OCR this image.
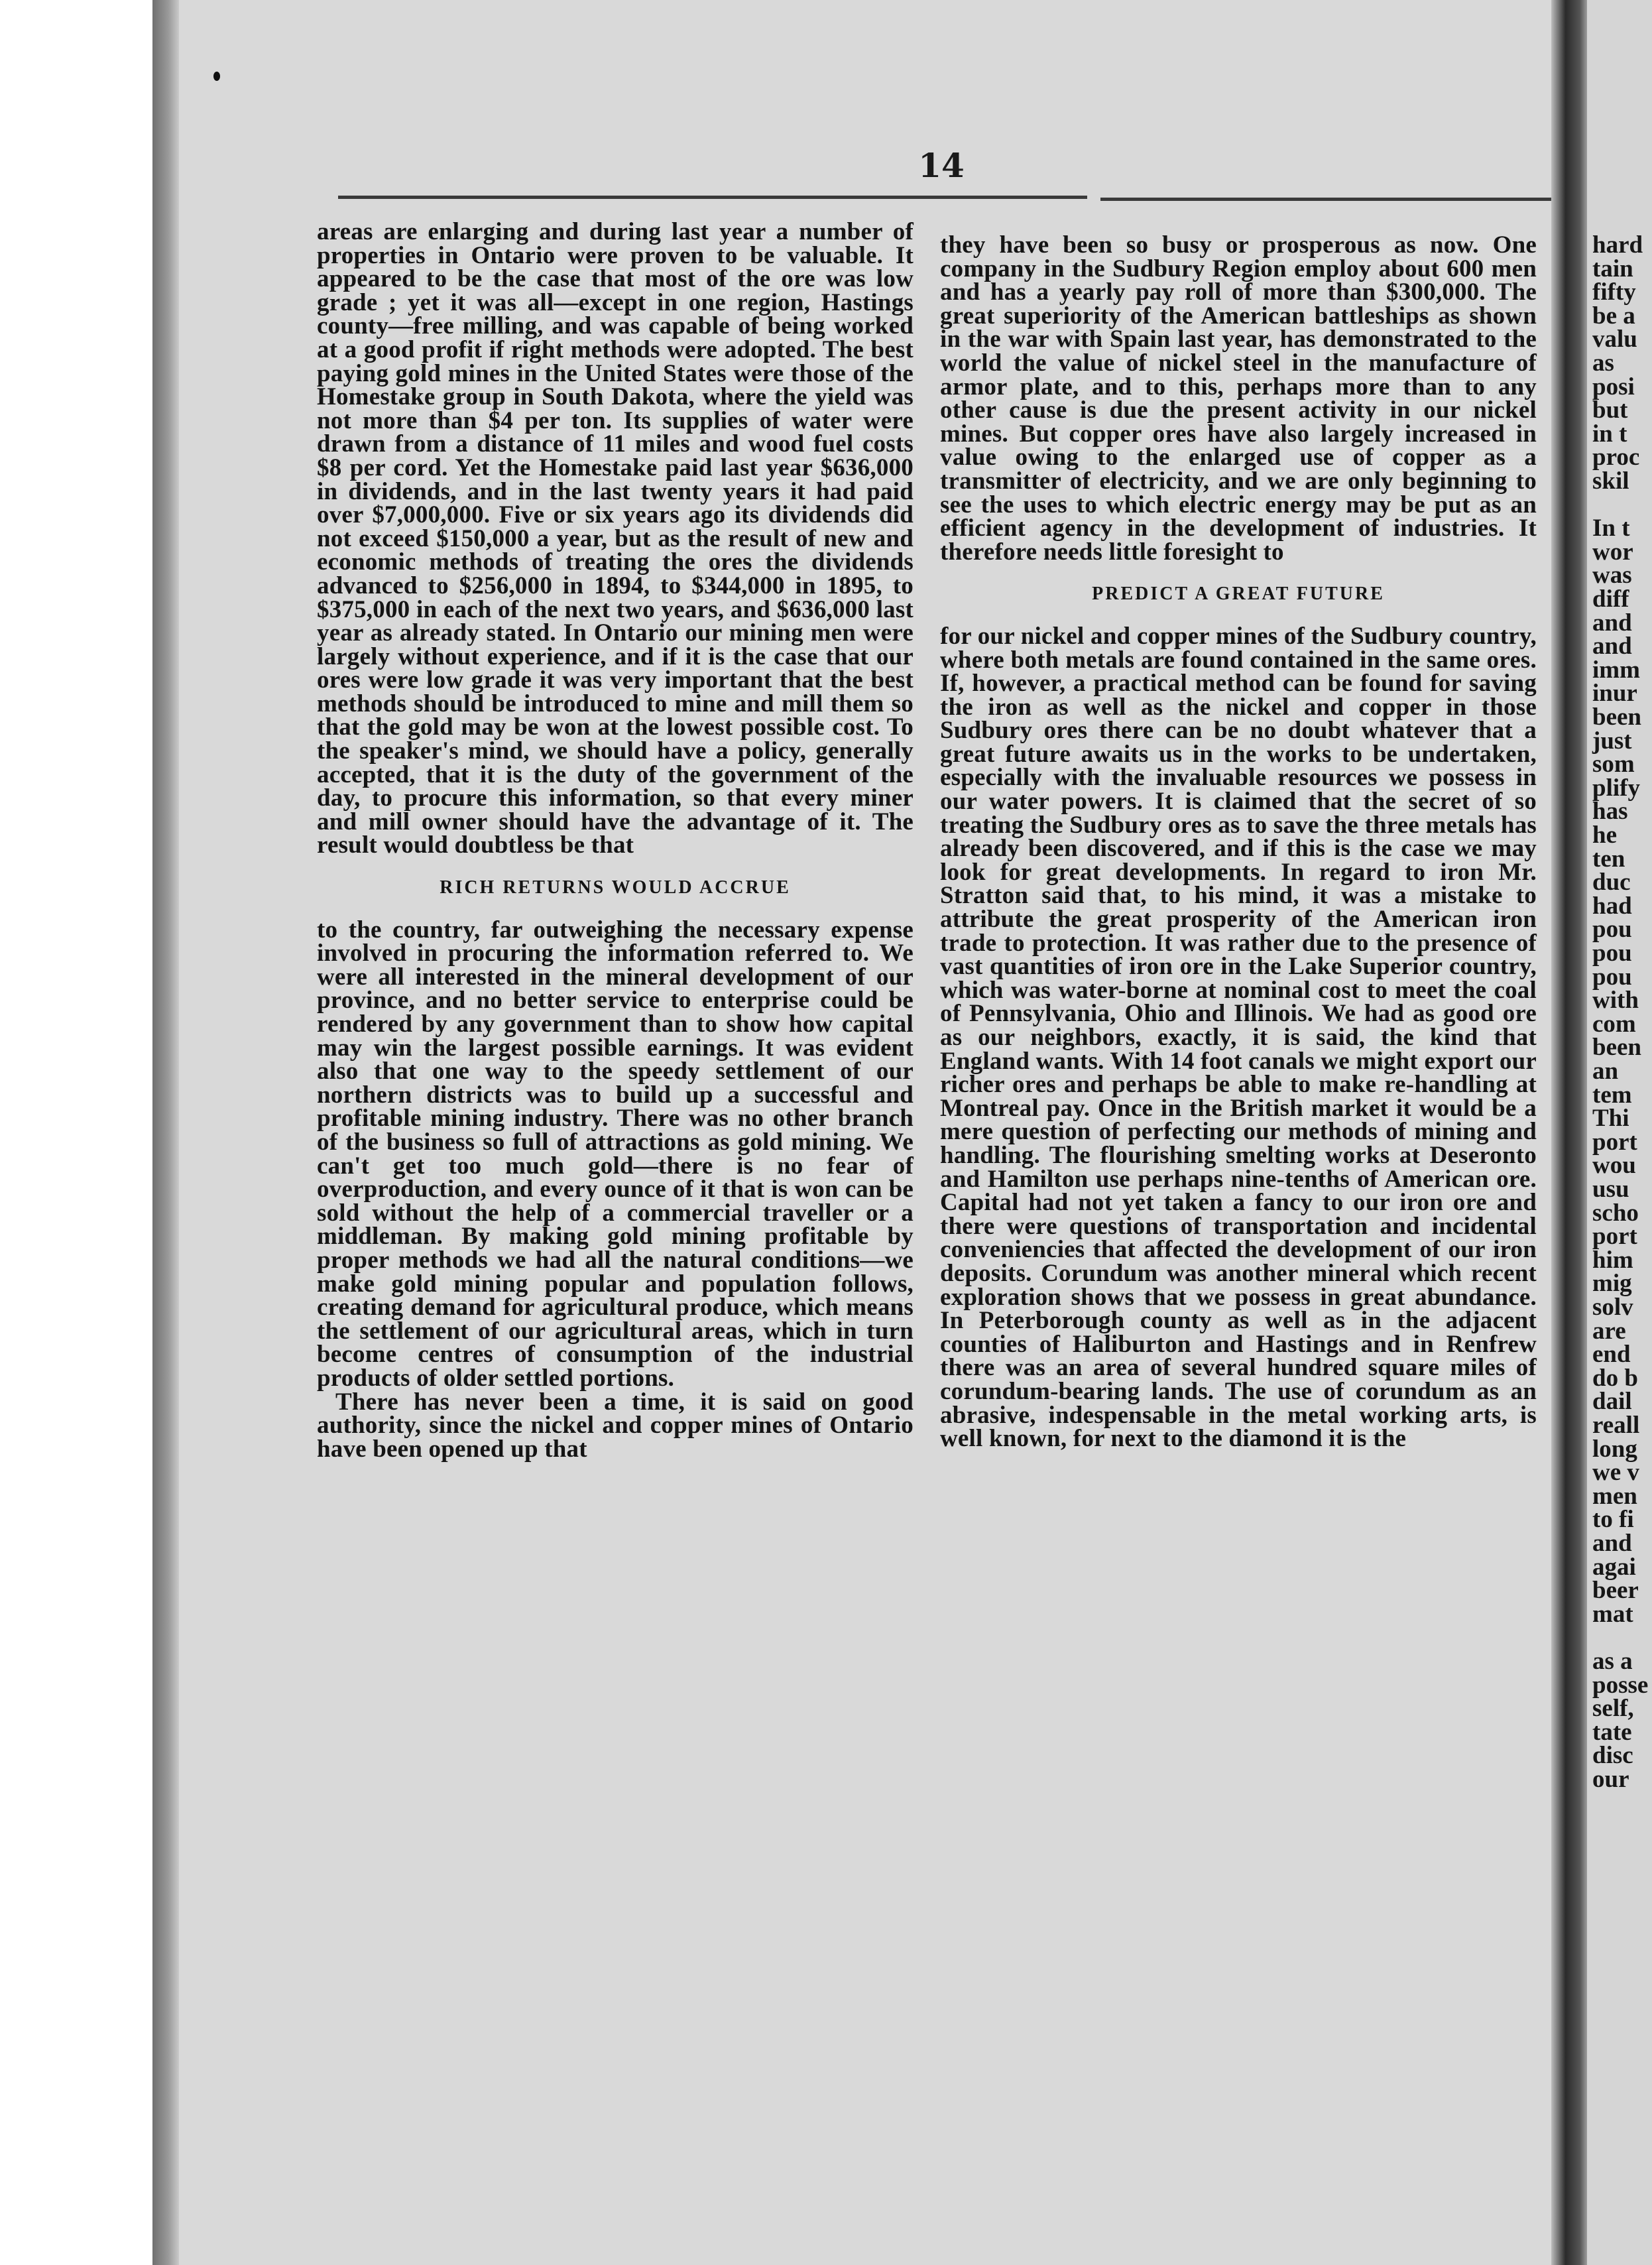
14

areas are enlarging and during last year a number of properties in Ontario were proven to be valuable. It appeared to be the case that most of the ore was low grade ; yet it was all—except in one region, Hastings county—free milling, and was capable of being worked at a good profit if right methods were adopted. The best paying gold mines in the United States were those of the Homestake group in South Dakota, where the yield was not more than $4 per ton. Its supplies of water were drawn from a distance of 11 miles and wood fuel costs $8 per cord. Yet the Homestake paid last year $636,000 in dividends, and in the last twenty years it had paid over $7,000,000. Five or six years ago its dividends did not exceed $150,000 a year, but as the result of new and economic methods of treating the ores the dividends advanced to $256,000 in 1894, to $344,000 in 1895, to $375,000 in each of the next two years, and $636,000 last year as already stated. In Ontario our mining men were largely without experience, and if it is the case that our ores were low grade it was very important that the best methods should be introduced to mine and mill them so that the gold may be won at the lowest possible cost. To the speaker's mind, we should have a policy, generally accepted, that it is the duty of the government of the day, to procure this information, so that every miner and mill owner should have the advantage of it. The result would doubtless be that

RICH RETURNS WOULD ACCRUE

to the country, far outweighing the necessary expense involved in procuring the information referred to. We were all interested in the mineral development of our province, and no better service to enterprise could be rendered by any government than to show how capital may win the largest possible earnings. It was evident also that one way to the speedy settlement of our northern districts was to build up a successful and profitable mining industry. There was no other branch of the business so full of attractions as gold mining. We can't get too much gold—there is no fear of overproduction, and every ounce of it that is won can be sold without the help of a commercial traveller or a middleman. By making gold mining profitable by proper methods we had all the natural conditions—we make gold mining popular and population follows, creating demand for agricultural produce, which means the settlement of our agricultural areas, which in turn become centres of consumption of the industrial products of older settled portions.

There has never been a time, it is said on good authority, since the nickel and copper mines of Ontario have been opened up that

they have been so busy or prosperous as now. One company in the Sudbury Region employ about 600 men and has a yearly pay roll of more than $300,000. The great superiority of the American battleships as shown in the war with Spain last year, has demonstrated to the world the value of nickel steel in the manufacture of armor plate, and to this, perhaps more than to any other cause is due the present activity in our nickel mines. But copper ores have also largely increased in value owing to the enlarged use of copper as a transmitter of electricity, and we are only beginning to see the uses to which electric energy may be put as an efficient agency in the development of industries. It therefore needs little foresight to

PREDICT A GREAT FUTURE

for our nickel and copper mines of the Sudbury country, where both metals are found contained in the same ores. If, however, a practical method can be found for saving the iron as well as the nickel and copper in those Sudbury ores there can be no doubt whatever that a great future awaits us in the works to be undertaken, especially with the invaluable resources we possess in our water powers. It is claimed that the secret of so treating the Sudbury ores as to save the three metals has already been discovered, and if this is the case we may look for great developments. In regard to iron Mr. Stratton said that, to his mind, it was a mistake to attribute the great prosperity of the American iron trade to protection. It was rather due to the presence of vast quantities of iron ore in the Lake Superior country, which was water-borne at nominal cost to meet the coal of Pennsylvania, Ohio and Illinois. We had as good ore as our neighbors, exactly, it is said, the kind that England wants. With 14 foot canals we might export our richer ores and perhaps be able to make re-handling at Montreal pay. Once in the British market it would be a mere question of perfecting our methods of mining and handling. The flourishing smelting works at Deseronto and Hamilton use perhaps nine-tenths of American ore. Capital had not yet taken a fancy to our iron ore and there were questions of transportation and incidental conveniencies that affected the development of our iron deposits. Corundum was another mineral which recent exploration shows that we possess in great abundance. In Peterborough county as well as in the adjacent counties of Haliburton and Hastings and in Renfrew there was an area of several hundred square miles of corundum-bearing lands. The use of corundum as an abrasive, indespensable in the metal working arts, is well known, for next to the diamond it is the

hard
tain
fifty
be a
valu
as
posi
but
in t
proc
skil
In t
wor
was
diff
and
and
imm
inur
been
just
som
plify
has
he
ten
duc
had
pou
pou
pou
with
com
been
an
tem
Thi
port
wou
usu
scho
port
him
mig
solv
are
end
do b
dail
reall
long
we v
men
to fi
and
agai
beer
mat
as a
posse
self,
tate
disc
our
